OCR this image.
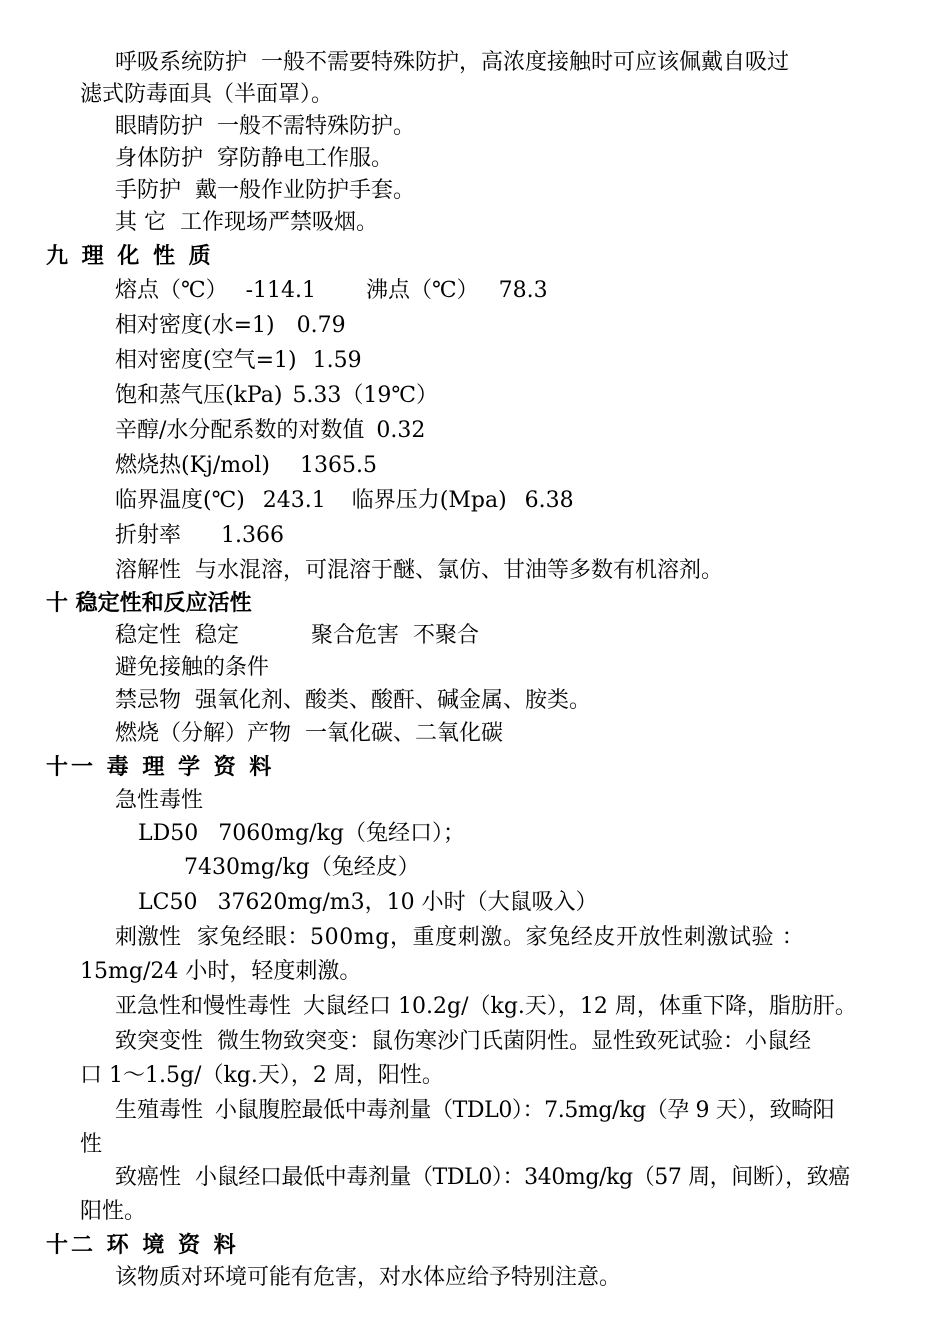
呼吸系统防护 一般不需要特殊防护，高浓度接触时可应该佩戴自吸过
滤式防毒面具（半面罩）。
眼睛防护 一般不需特殊防护。
身体防护 穿防静电工作服。
手防护 戴一般作业防护手套。
其 它 工作现场严禁吸烟。
九 理 化 性 质
熔点（℃） -114.1 沸点（℃） 78.3
相对密度(水=1) 0.79
相对密度(空气=1) 1.59
饱和蒸气压(kPa) 5.33（19℃）
辛醇/水分配系数的对数值 0.32
燃烧热(Kj/mol) 1365.5
临界温度(℃) 243.1 临界压力(Mpa) 6.38
折射率 1.366
溶解性 与水混溶，可混溶于醚、氯仿、甘油等多数有机溶剂。
十 稳定性和反应活性
稳定性 稳定	聚合危害 不聚合
避免接触的条件
禁忌物 强氧化剂、酸类、酸酐、碱金属、胺类。
燃烧（分解）产物 一氧化碳、二氧化碳
十一 毒 理 学 资 料
急性毒性
LD50 7060mg/kg（兔经口）；
7430mg/kg（兔经皮）
LC50 37620mg/m3，10 小时（大鼠吸入）
刺激性 家兔经眼：500mg，重度刺激。家兔经皮开放性刺激试验 ：
15mg/24 小时，轻度刺激。
亚急性和慢性毒性 大鼠经口 10.2g/（kg.天），12 周，体重下降，脂肪肝。
致突变性 微生物致突变：鼠伤寒沙门氏菌阴性。显性致死试验：小鼠经
口 1～1.5g/（kg.天），2 周，阳性。
生殖毒性 小鼠腹腔最低中毒剂量（TDL0）：7.5mg/kg（孕 9 天），致畸阳
性
致癌性 小鼠经口最低中毒剂量（TDL0）：340mg/kg（57 周，间断），致癌
阳性。
十二 环 境 资 料
该物质对环境可能有危害，对水体应给予特别注意。
